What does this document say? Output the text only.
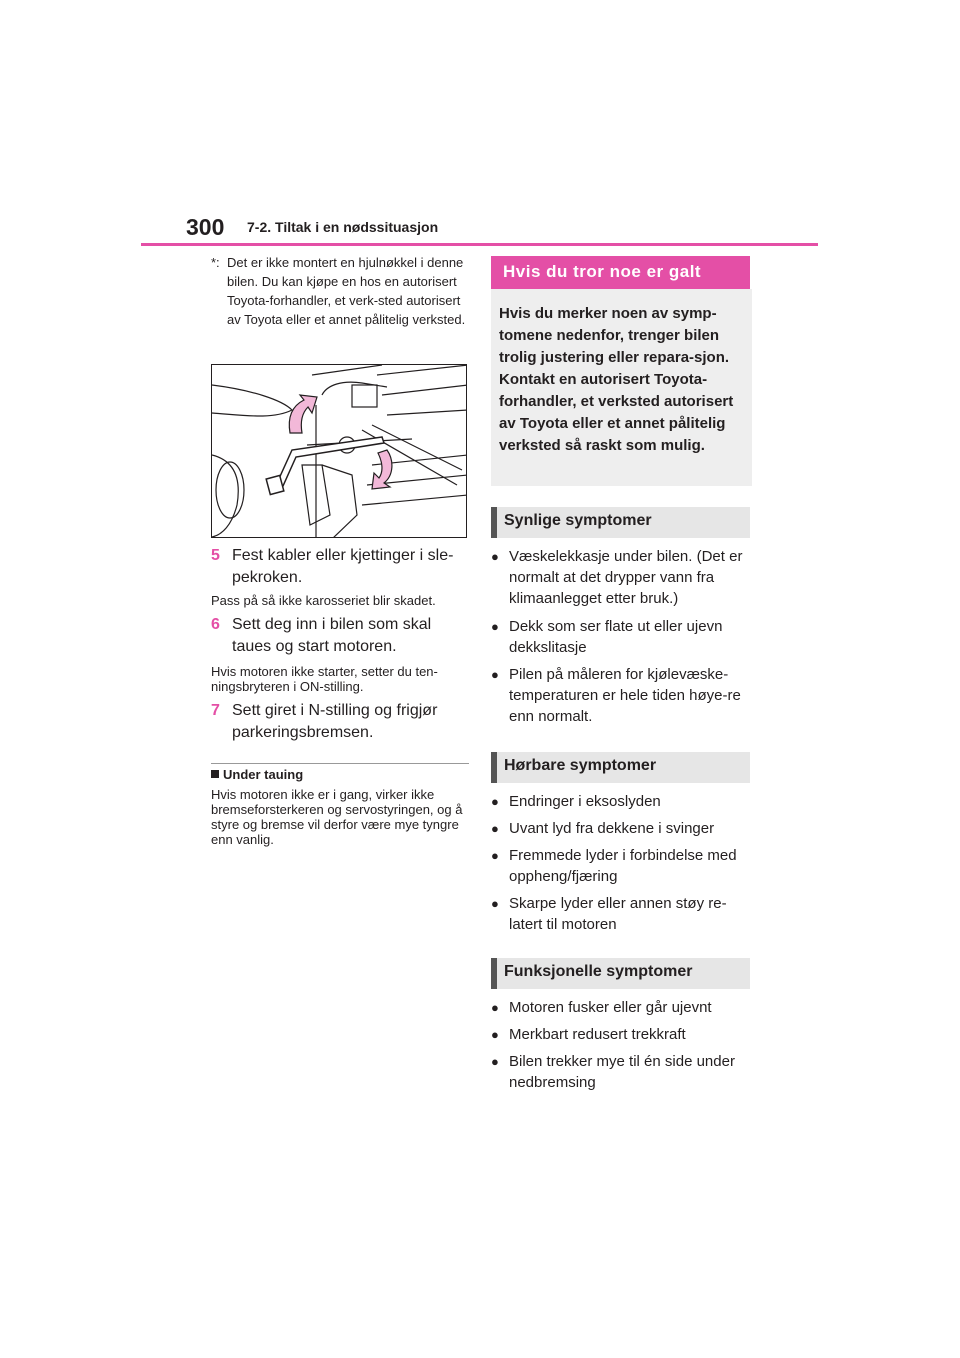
300 7-2. Tiltak i en nødssituasjon
*: Det er ikke montert en hjulnøkkel i denne bilen. Du kan kjøpe en hos en autorisert Toyota-forhandler, et verk-sted autorisert av Toyota eller et annet pålitelig verksted.
5 Fest kabler eller kjettinger i sle-pekroken.
Pass på så ikke karosseriet blir skadet.
6 Sett deg inn i bilen som skal taues og start motoren.
Hvis motoren ikke starter, setter du ten-ningsbryteren i ON-stilling.
7 Sett giret i N-stilling og frigjør parkeringsbremsen.
Under tauing
Hvis motoren ikke er i gang, virker ikke bremseforsterkeren og servostyringen, og å styre og bremse vil derfor være mye tyngre enn vanlig.
Hvis du tror noe er galt
Hvis du merker noen av symp-tomene nedenfor, trenger bilen trolig justering eller repara-sjon. Kontakt en autorisert Toyota-forhandler, et verksted autorisert av Toyota eller et annet pålitelig verksted så raskt som mulig.
Synlige symptomer
● Væskelekkasje under bilen. (Det er normalt at det drypper vann fra klimaanlegget etter bruk.)
● Dekk som ser flate ut eller ujevn dekkslitasje
● Pilen på måleren for kjølevæske-temperaturen er hele tiden høye-re enn normalt.
Hørbare symptomer
● Endringer i eksoslyden
● Uvant lyd fra dekkene i svinger
● Fremmede lyder i forbindelse med oppheng/fjæring
● Skarpe lyder eller annen støy re-latert til motoren
Funksjonelle symptomer
● Motoren fusker eller går ujevnt
● Merkbart redusert trekkraft
● Bilen trekker mye til én side under nedbremsing
